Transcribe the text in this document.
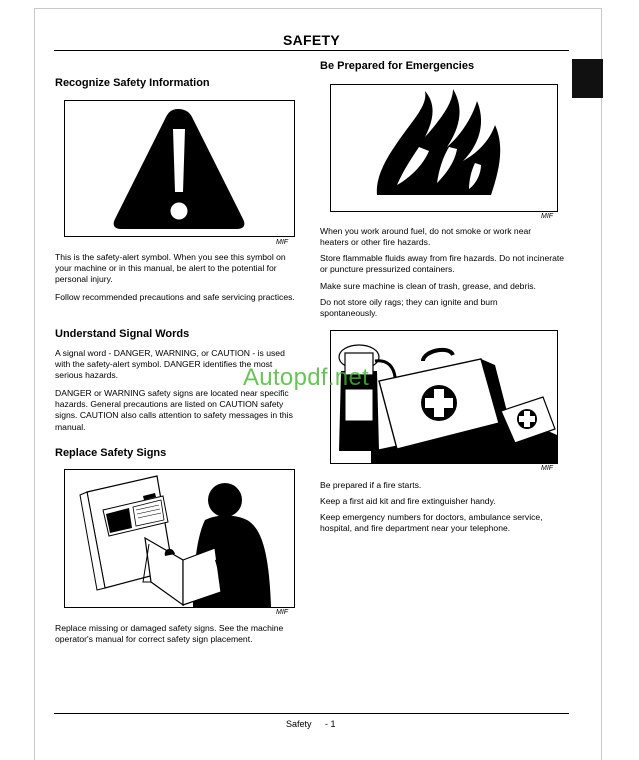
SAFETY
Recognize Safety Information
MIF

This is the safety-alert symbol. When you see this symbol on your machine or in this manual, be alert to the potential for personal injury.

Follow recommended precautions and safe servicing practices.

Understand Signal Words

A signal word - DANGER, WARNING, or CAUTION - is used with the safety-alert symbol. DANGER identifies the most serious hazards.

DANGER or WARNING safety signs are located near specific hazards. General precautions are listed on CAUTION safety signs. CAUTION also calls attention to safety messages in this manual.

Replace Safety Signs
MIF

Replace missing or damaged safety signs. See the machine operator's manual for correct safety sign placement.

Be Prepared for Emergencies
MIF

When you work around fuel, do not smoke or work near heaters or other fire hazards.

Store flammable fluids away from fire hazards. Do not incinerate or puncture pressurized containers.

Make sure machine is clean of trash, grease, and debris.

Do not store oily rags; they can ignite and burn spontaneously.

MIF

Be prepared if a fire starts.

Keep a first aid kit and fire extinguisher handy.

Keep emergency numbers for doctors, ambulance service, hospital, and fire department near your telephone.

Autopdf.net
Safety - 1
